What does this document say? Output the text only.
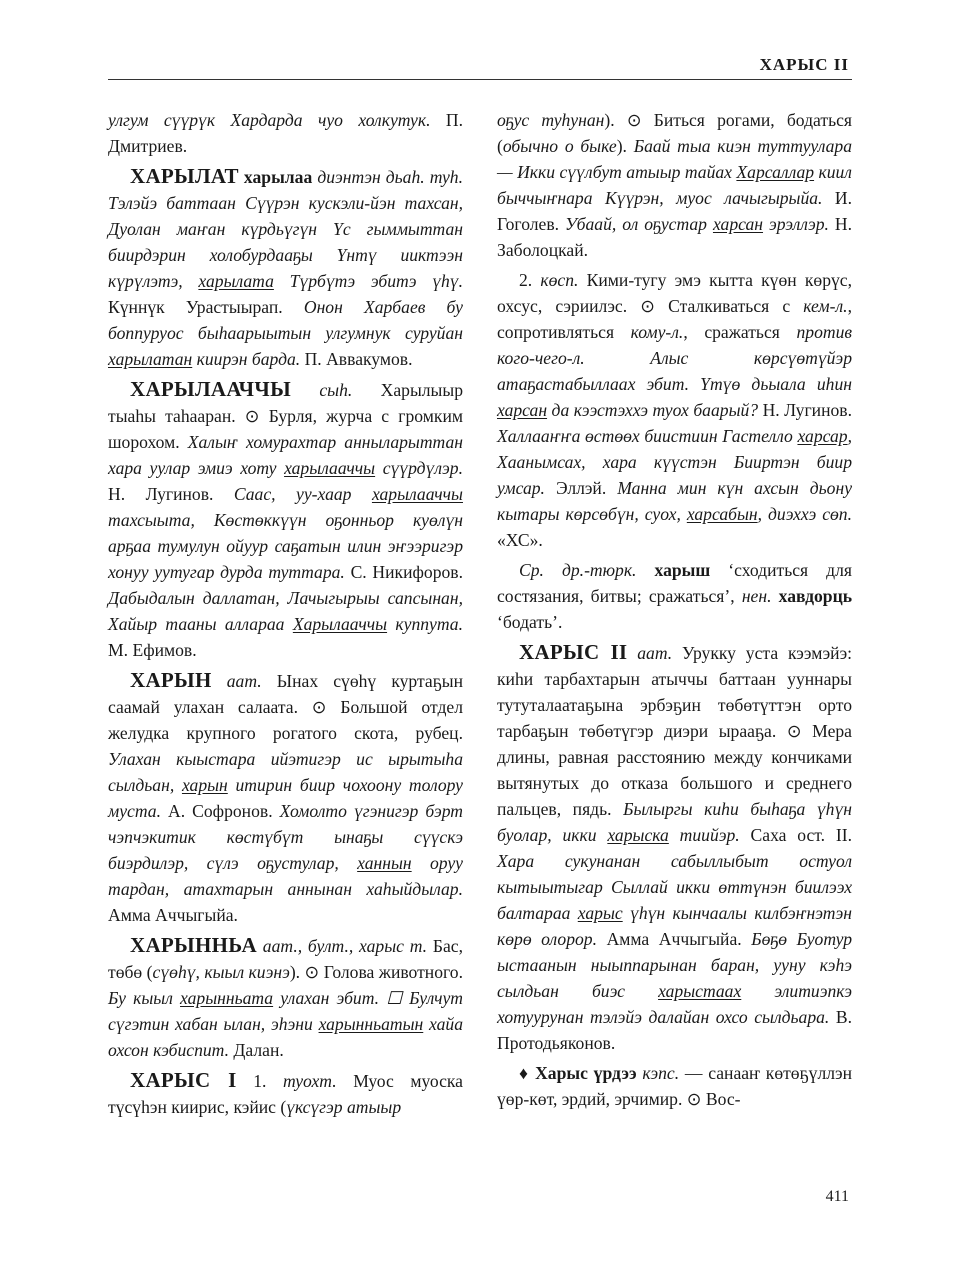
ХАРЫС II

улгум сүүрүк Хардарда чуо холкутук. П. Дмитриев.

ХАРЫЛАТ харылаа диэнтэн дьаһ. туһ. Тэлэйэ баттаан Сүүрэн кускэли-йэн тахсан, Дуолан маҥан күрдьүгүн Үс гыммыттан биирдэрин холобурдааҕы Үнтү ииктээн күрүлэтэ, харылата Түрбүтэ эбитэ үһү. Күннүк Урастыырап. Онон Харбаев бу боппуруос быһаарыытын улгумнук суруйан харылатан киирэн барда. П. Аввакумов.

ХАРЫЛААЧЧЫ сыһ. Харылыыр тыаһы таһааран. ⊙ Бурля, журча с громким шорохом. Халыҥ хомурахтар анныларыттан хара уулар эмиэ хоту харылааччы сүүрдүлэр. Н. Лугинов. Саас, уу-хаар харылааччы тахсыыта, Көстөккүүн оҕонньор куөлүн арҕаа тумулун ойуур саҕатын илин эҥээригэр хонуу уутугар дурда туттара. С. Никифоров. Дабыдалын даллатан, Лачыгырыы сапсынан, Хайыр тааны алларaа Харылааччы куппута. М. Ефимов.

ХАРЫН аат. Ынах сүөһү куртаҕын саамай улахан салаата. ⊙ Большой отдел желудка крупного рогатого скота, рубец. Улахан кыыстара ийэтигэр ис ырытыһа сылдьан, харын итирин биир чохоону толору муста. А. Софронов. Хомолто үгэнигэр бэрт чэпчэкитик көстүбүт ынаҕы сүүскэ биэрдилэр, сүлэ оҕустулар, ханнын оруу тардан, атахтарын аннынан хаһыйдылар. Амма Аччыгыйа.

ХАРЫННЬА аат., булт., харыс т. Бас, төбө (сүөһү, кыыл киэнэ). ⊙ Голова животного. Бу кыыл харынньата улахан эбит. ☐ Булчут сүгэтин хабан ылан, эһэни харынньатын хайа охсон кэбиспит. Далан.

ХАРЫС I 1. туохт. Муос муоска түсүһэн киирис, кэйис (үксүгэр атыыр

оҕус туһунан). ⊙ Биться рогами, бодаться (обычно о быке). Баай тыа киэн туттуулара — Икки сүүлбут атыыр тайах Харсаллар киил быччыҥнара Күүрэн, муос лачыгырыйа. И. Гоголев. Убаай, ол оҕустар харсан эрэллэр. Н. Заболоцкай.

2. көсп. Кими-тугу эмэ кытта күөн көрүс, охсус, сэриилэс. ⊙ Сталкиваться с кем-л., сопротивляться кому-л., сражаться против кого-чего-л. Алыс көрсүөтүйэр атаҕастабыллаах эбит. Үтүө дьыала иһин харсан да кээстэххэ туох баарый? Н. Лугинов. Халлааҥҥа өстөөх биистиин Гастелло харсар, Хаанымсах, хара күүстэн Бииртэн биир умсар. Эллэй. Манна мин күн ахсын дьону кытары көрсөбүн, суох, харсабын, диэххэ сөп. «ХС».

Ср. др.-тюрк. харыш ‘сходиться для состязания, битвы; сражаться’, нен. хавдорць ‘бодать’.

ХАРЫС II аат. Урукку уста кээмэйэ: киһи тарбахтарын атыччы баттаан ууннары тутуталаатаҕына эрбэҕин төбөтүттэн орто тарбаҕын төбөтүгэр диэри ырааҕа. ⊙ Мера длины, равная расстоянию между кончиками вытянутых до отказа большого и среднего пальцев, пядь. Былыргы киһи быһаҕа үһүн буолар, икки харыска тиийэр. Саха ост. II. Хара сукунанан сабыллыбыт остуол кытыытыгар Сыллай икки өттүнэн биилээх балтараа харыс үһүн кынчаалы килбэҥнэтэн көрө олорор. Амма Аччыгыйа. Бөҕө Буотур ыстаанын ныыппарынан баран, ууну кэһэ сылдьан биэс харыстаах элитиэпкэ хотуурунан тэлэйэ далайан охсо сылдьара. В. Протодьяконов.

♦ Харыс үрдээ кэпс. — санааҥ көтөҕүллэн үөр-көт, эрдий, эрчимир. ⊙ Вос-

411
